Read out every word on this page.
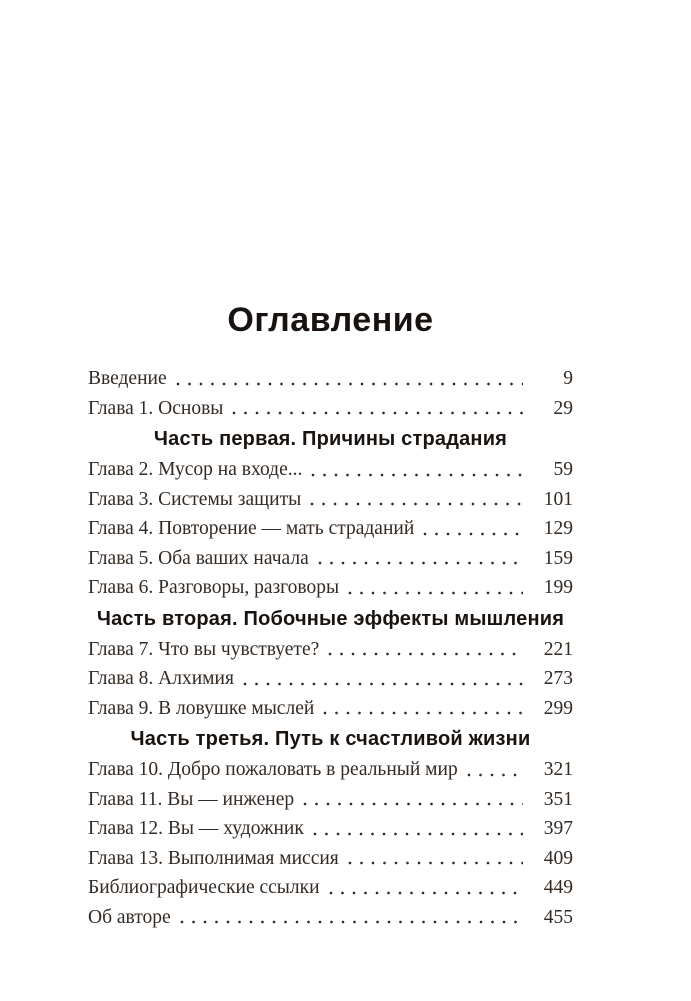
Оглавление
Введение	9
Глава 1. Основы	29
Часть первая. Причины страдания
Глава 2. Мусор на входе...	59
Глава 3. Системы защиты	101
Глава 4. Повторение — мать страданий	129
Глава 5. Оба ваших начала	159
Глава 6. Разговоры, разговоры	199
Часть вторая. Побочные эффекты мышления
Глава 7. Что вы чувствуете?	221
Глава 8. Алхимия	273
Глава 9. В ловушке мыслей	299
Часть третья. Путь к счастливой жизни
Глава 10. Добро пожаловать в реальный мир	321
Глава 11. Вы — инженер	351
Глава 12. Вы — художник	397
Глава 13. Выполнимая миссия	409
Библиографические ссылки	449
Об авторе	455
